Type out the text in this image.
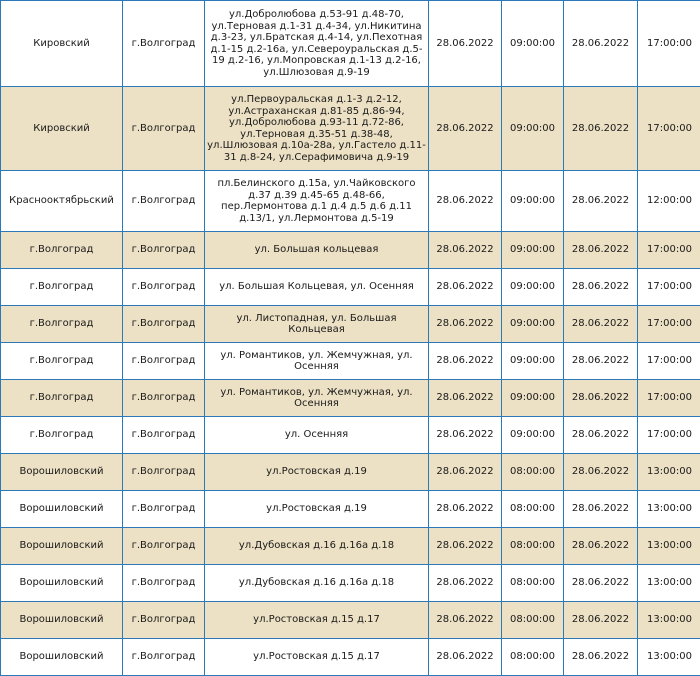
Кировский	г.Волгоград	ул.Добролюбова д.53-91 д.48-70, ул.Терновая д.1-31 д.4-34, ул.Никитина д.3-23, ул.Братская д.4-14, ул.Пехотная д.1-15 д.2-16а, ул.Североуральская д.5-19 д.2-16, ул.Мопровская д.1-13 д.2-16, ул.Шлюзовая д.9-19	28.06.2022	09:00:00	28.06.2022	17:00:00
Кировский	г.Волгоград	ул.Первоуральская д.1-3 д.2-12, ул.Астраханская д.81-85 д.86-94, ул.Добролюбова д.93-11 д.72-86, ул.Терновая д.35-51 д.38-48, ул.Шлюзовая д.10а-28а, ул.Гастело д.11-31 д.8-24, ул.Серафимовича д.9-19	28.06.2022	09:00:00	28.06.2022	17:00:00
Краснооктябрьский	г.Волгоград	пл.Белинского д.15а, ул.Чайковского д.37 д.39 д.45-65 д.48-66, пер.Лермонтова д.1 д.4 д.5 д.6 д.11 д.13/1, ул.Лермонтова д.5-19	28.06.2022	09:00:00	28.06.2022	12:00:00
г.Волгоград	г.Волгоград	ул. Большая кольцевая	28.06.2022	09:00:00	28.06.2022	17:00:00
г.Волгоград	г.Волгоград	ул. Большая Кольцевая, ул. Осенняя	28.06.2022	09:00:00	28.06.2022	17:00:00
г.Волгоград	г.Волгоград	ул. Листопадная, ул. Большая Кольцевая	28.06.2022	09:00:00	28.06.2022	17:00:00
г.Волгоград	г.Волгоград	ул. Романтиков, ул. Жемчужная, ул. Осенняя	28.06.2022	09:00:00	28.06.2022	17:00:00
г.Волгоград	г.Волгоград	ул. Романтиков, ул. Жемчужная, ул. Осенняя	28.06.2022	09:00:00	28.06.2022	17:00:00
г.Волгоград	г.Волгоград	ул. Осенняя	28.06.2022	09:00:00	28.06.2022	17:00:00
Ворошиловский	г.Волгоград	ул.Ростовская д.19	28.06.2022	08:00:00	28.06.2022	13:00:00
Ворошиловский	г.Волгоград	ул.Ростовская д.19	28.06.2022	08:00:00	28.06.2022	13:00:00
Ворошиловский	г.Волгоград	ул.Дубовская д.16 д.16а д.18	28.06.2022	08:00:00	28.06.2022	13:00:00
Ворошиловский	г.Волгоград	ул.Дубовская д.16 д.16а д.18	28.06.2022	08:00:00	28.06.2022	13:00:00
Ворошиловский	г.Волгоград	ул.Ростовская д.15 д.17	28.06.2022	08:00:00	28.06.2022	13:00:00
Ворошиловский	г.Волгоград	ул.Ростовская д.15 д.17	28.06.2022	08:00:00	28.06.2022	13:00:00
